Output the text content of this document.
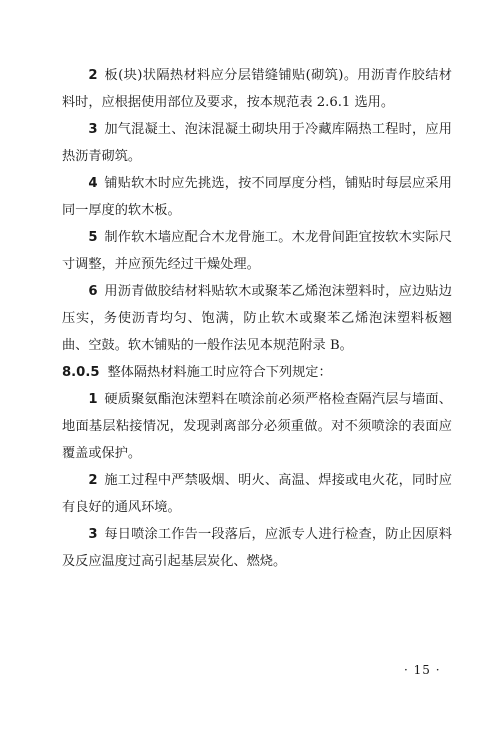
2 板(块)状隔热材料应分层错缝铺贴(砌筑)。用沥青作胶结材料时，应根据使用部位及要求，按本规范表 2.6.1 选用。

3 加气混凝土、泡沫混凝土砌块用于冷藏库隔热工程时，应用热沥青砌筑。

4 铺贴软木时应先挑选，按不同厚度分档，铺贴时每层应采用同一厚度的软木板。

5 制作软木墙应配合木龙骨施工。木龙骨间距宜按软木实际尺寸调整，并应预先经过干燥处理。

6 用沥青做胶结材料贴软木或聚苯乙烯泡沫塑料时，应边贴边压实，务使沥青均匀、饱满，防止软木或聚苯乙烯泡沫塑料板翘曲、空鼓。软木铺贴的一般作法见本规范附录 B。

8.0.5 整体隔热材料施工时应符合下列规定：

1 硬质聚氨酯泡沫塑料在喷涂前必须严格检查隔汽层与墙面、地面基层粘接情况，发现剥离部分必须重做。对不须喷涂的表面应覆盖或保护。

2 施工过程中严禁吸烟、明火、高温、焊接或电火花，同时应有良好的通风环境。

3 每日喷涂工作告一段落后，应派专人进行检查，防止因原料及反应温度过高引起基层炭化、燃烧。

· 15 ·
